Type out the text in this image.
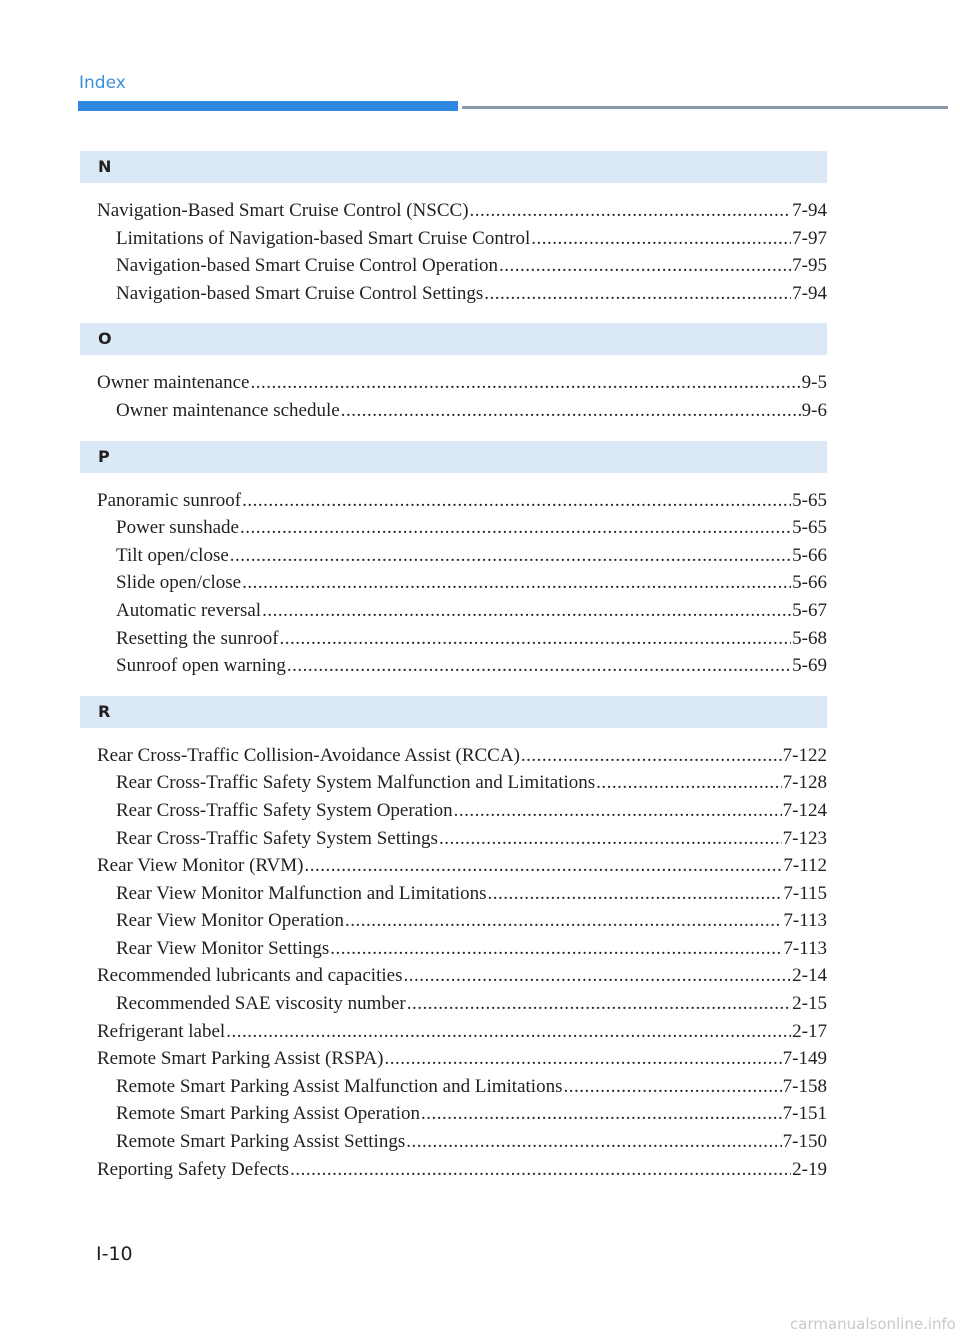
Index
N
Navigation-Based Smart Cruise Control (NSCC) .....	7-94
Limitations of Navigation-based Smart Cruise Control .....	7-97
Navigation-based Smart Cruise Control Operation .....	7-95
Navigation-based Smart Cruise Control Settings .....	7-94
O
Owner maintenance .....	9-5
Owner maintenance schedule .....	9-6
P
Panoramic sunroof .....	5-65
Power sunshade .....	5-65
Tilt open/close .....	5-66
Slide open/close .....	5-66
Automatic reversal .....	5-67
Resetting the sunroof .....	5-68
Sunroof open warning .....	5-69
R
Rear Cross-Traffic Collision-Avoidance Assist (RCCA) .....	7-122
Rear Cross-Traffic Safety System Malfunction and Limitations .....	7-128
Rear Cross-Traffic Safety System Operation .....	7-124
Rear Cross-Traffic Safety System Settings .....	7-123
Rear View Monitor (RVM) .....	7-112
Rear View Monitor Malfunction and Limitations .....	7-115
Rear View Monitor Operation .....	7-113
Rear View Monitor Settings .....	7-113
Recommended lubricants and capacities .....	2-14
Recommended SAE viscosity number .....	2-15
Refrigerant label .....	2-17
Remote Smart Parking Assist (RSPA) .....	7-149
Remote Smart Parking Assist Malfunction and Limitations .....	7-158
Remote Smart Parking Assist Operation .....	7-151
Remote Smart Parking Assist Settings .....	7-150
Reporting Safety Defects .....	2-19
I-10
carmanualsonline.info
